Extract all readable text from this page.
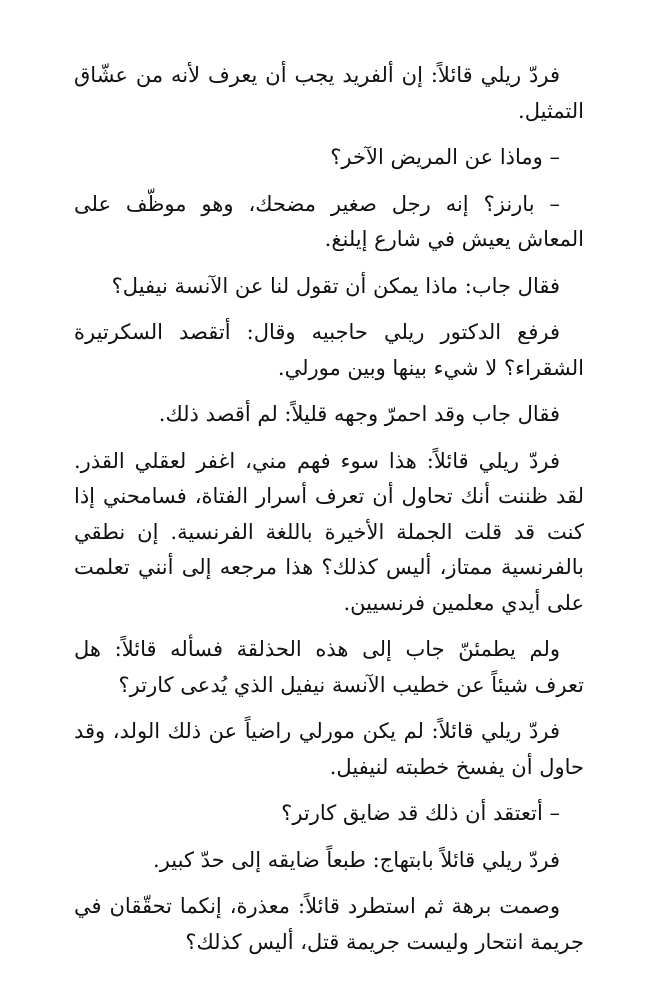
فردّ ريلي قائلاً: إن ألفريد يجب أن يعرف لأنه من عشّاق التمثيل.

– وماذا عن المريض الآخر؟

– بارنز؟ إنه رجل صغير مضحك، وهو موظّف على المعاش يعيش في شارع إيلنغ.

فقال جاب: ماذا يمكن أن تقول لنا عن الآنسة نيفيل؟

فرفع الدكتور ريلي حاجبيه وقال: أتقصد السكرتيرة الشقراء؟ لا شيء بينها وبين مورلي.

فقال جاب وقد احمرّ وجهه قليلاً: لم أقصد ذلك.

فردّ ريلي قائلاً: هذا سوء فهم مني، اغفر لعقلي القذر. لقد ظننت أنك تحاول أن تعرف أسرار الفتاة، فسامحني إذا كنت قد قلت الجملة الأخيرة باللغة الفرنسية. إن نطقي بالفرنسية ممتاز، أليس كذلك؟ هذا مرجعه إلى أنني تعلمت على أيدي معلمين فرنسيين.

ولم يطمئنّ جاب إلى هذه الحذلقة فسأله قائلاً: هل تعرف شيئاً عن خطيب الآنسة نيفيل الذي يُدعى كارتر؟

فردّ ريلي قائلاً: لم يكن مورلي راضياً عن ذلك الولد، وقد حاول أن يفسخ خطبته لنيفيل.

– أتعتقد أن ذلك قد ضايق كارتر؟

فردّ ريلي قائلاً بابتهاج: طبعاً ضايقه إلى حدّ كبير.

وصمت برهة ثم استطرد قائلاً: معذرة، إنكما تحقّقان في جريمة انتحار وليست جريمة قتل، أليس كذلك؟
